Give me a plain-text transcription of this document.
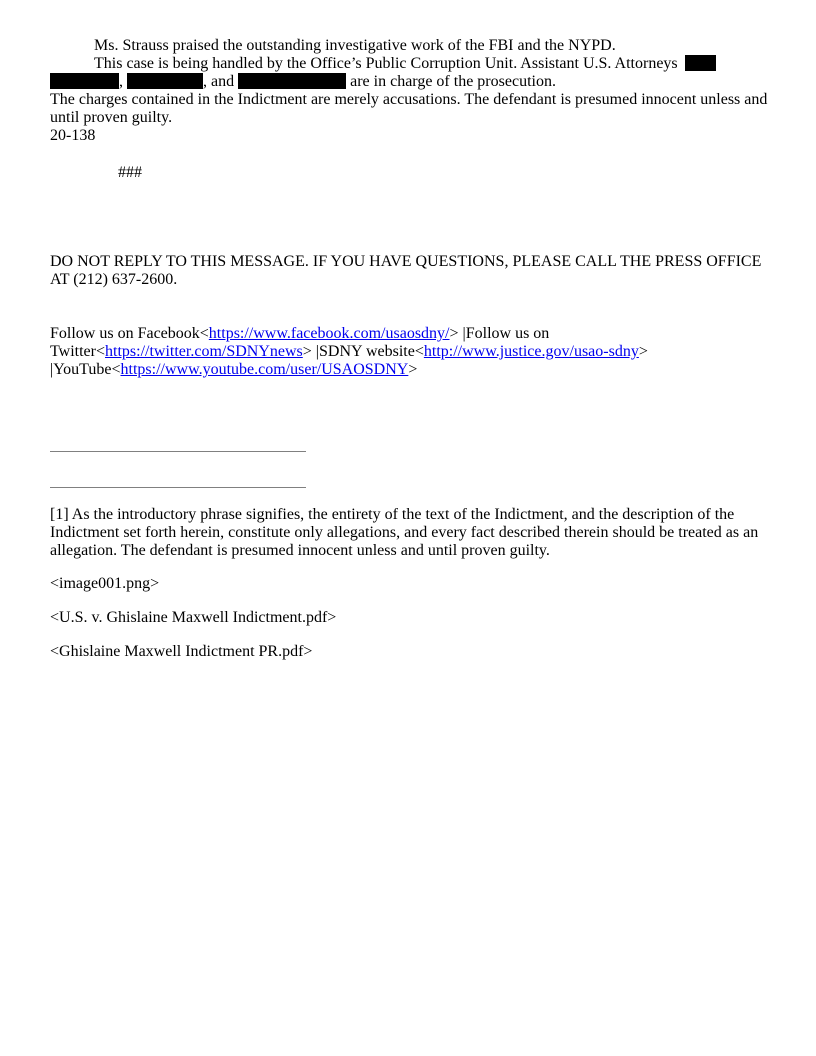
Ms. Strauss praised the outstanding investigative work of the FBI and the NYPD.
This case is being handled by the Office’s Public Corruption Unit. Assistant U.S. Attorneys
,	, and	are in charge of the prosecution.
The charges contained in the Indictment are merely accusations. The defendant is presumed innocent unless and until proven guilty.
20-138
###
DO NOT REPLY TO THIS MESSAGE. IF YOU HAVE QUESTIONS, PLEASE CALL THE PRESS OFFICE
AT (212) 637-2600.
Follow us on Facebook<https://www.facebook.com/usaosdny/> |Follow us on
Twitter<https://twitter.com/SDNYnews> |SDNY website<http://www.justice.gov/usao-sdny>
|YouTube<https://www.youtube.com/user/USAOSDNY>
[1] As the introductory phrase signifies, the entirety of the text of the Indictment, and the description of the Indictment set forth herein, constitute only allegations, and every fact described therein should be treated as an allegation. The defendant is presumed innocent unless and until proven guilty.
<image001.png>
<U.S. v. Ghislaine Maxwell Indictment.pdf>
<Ghislaine Maxwell Indictment PR.pdf>
